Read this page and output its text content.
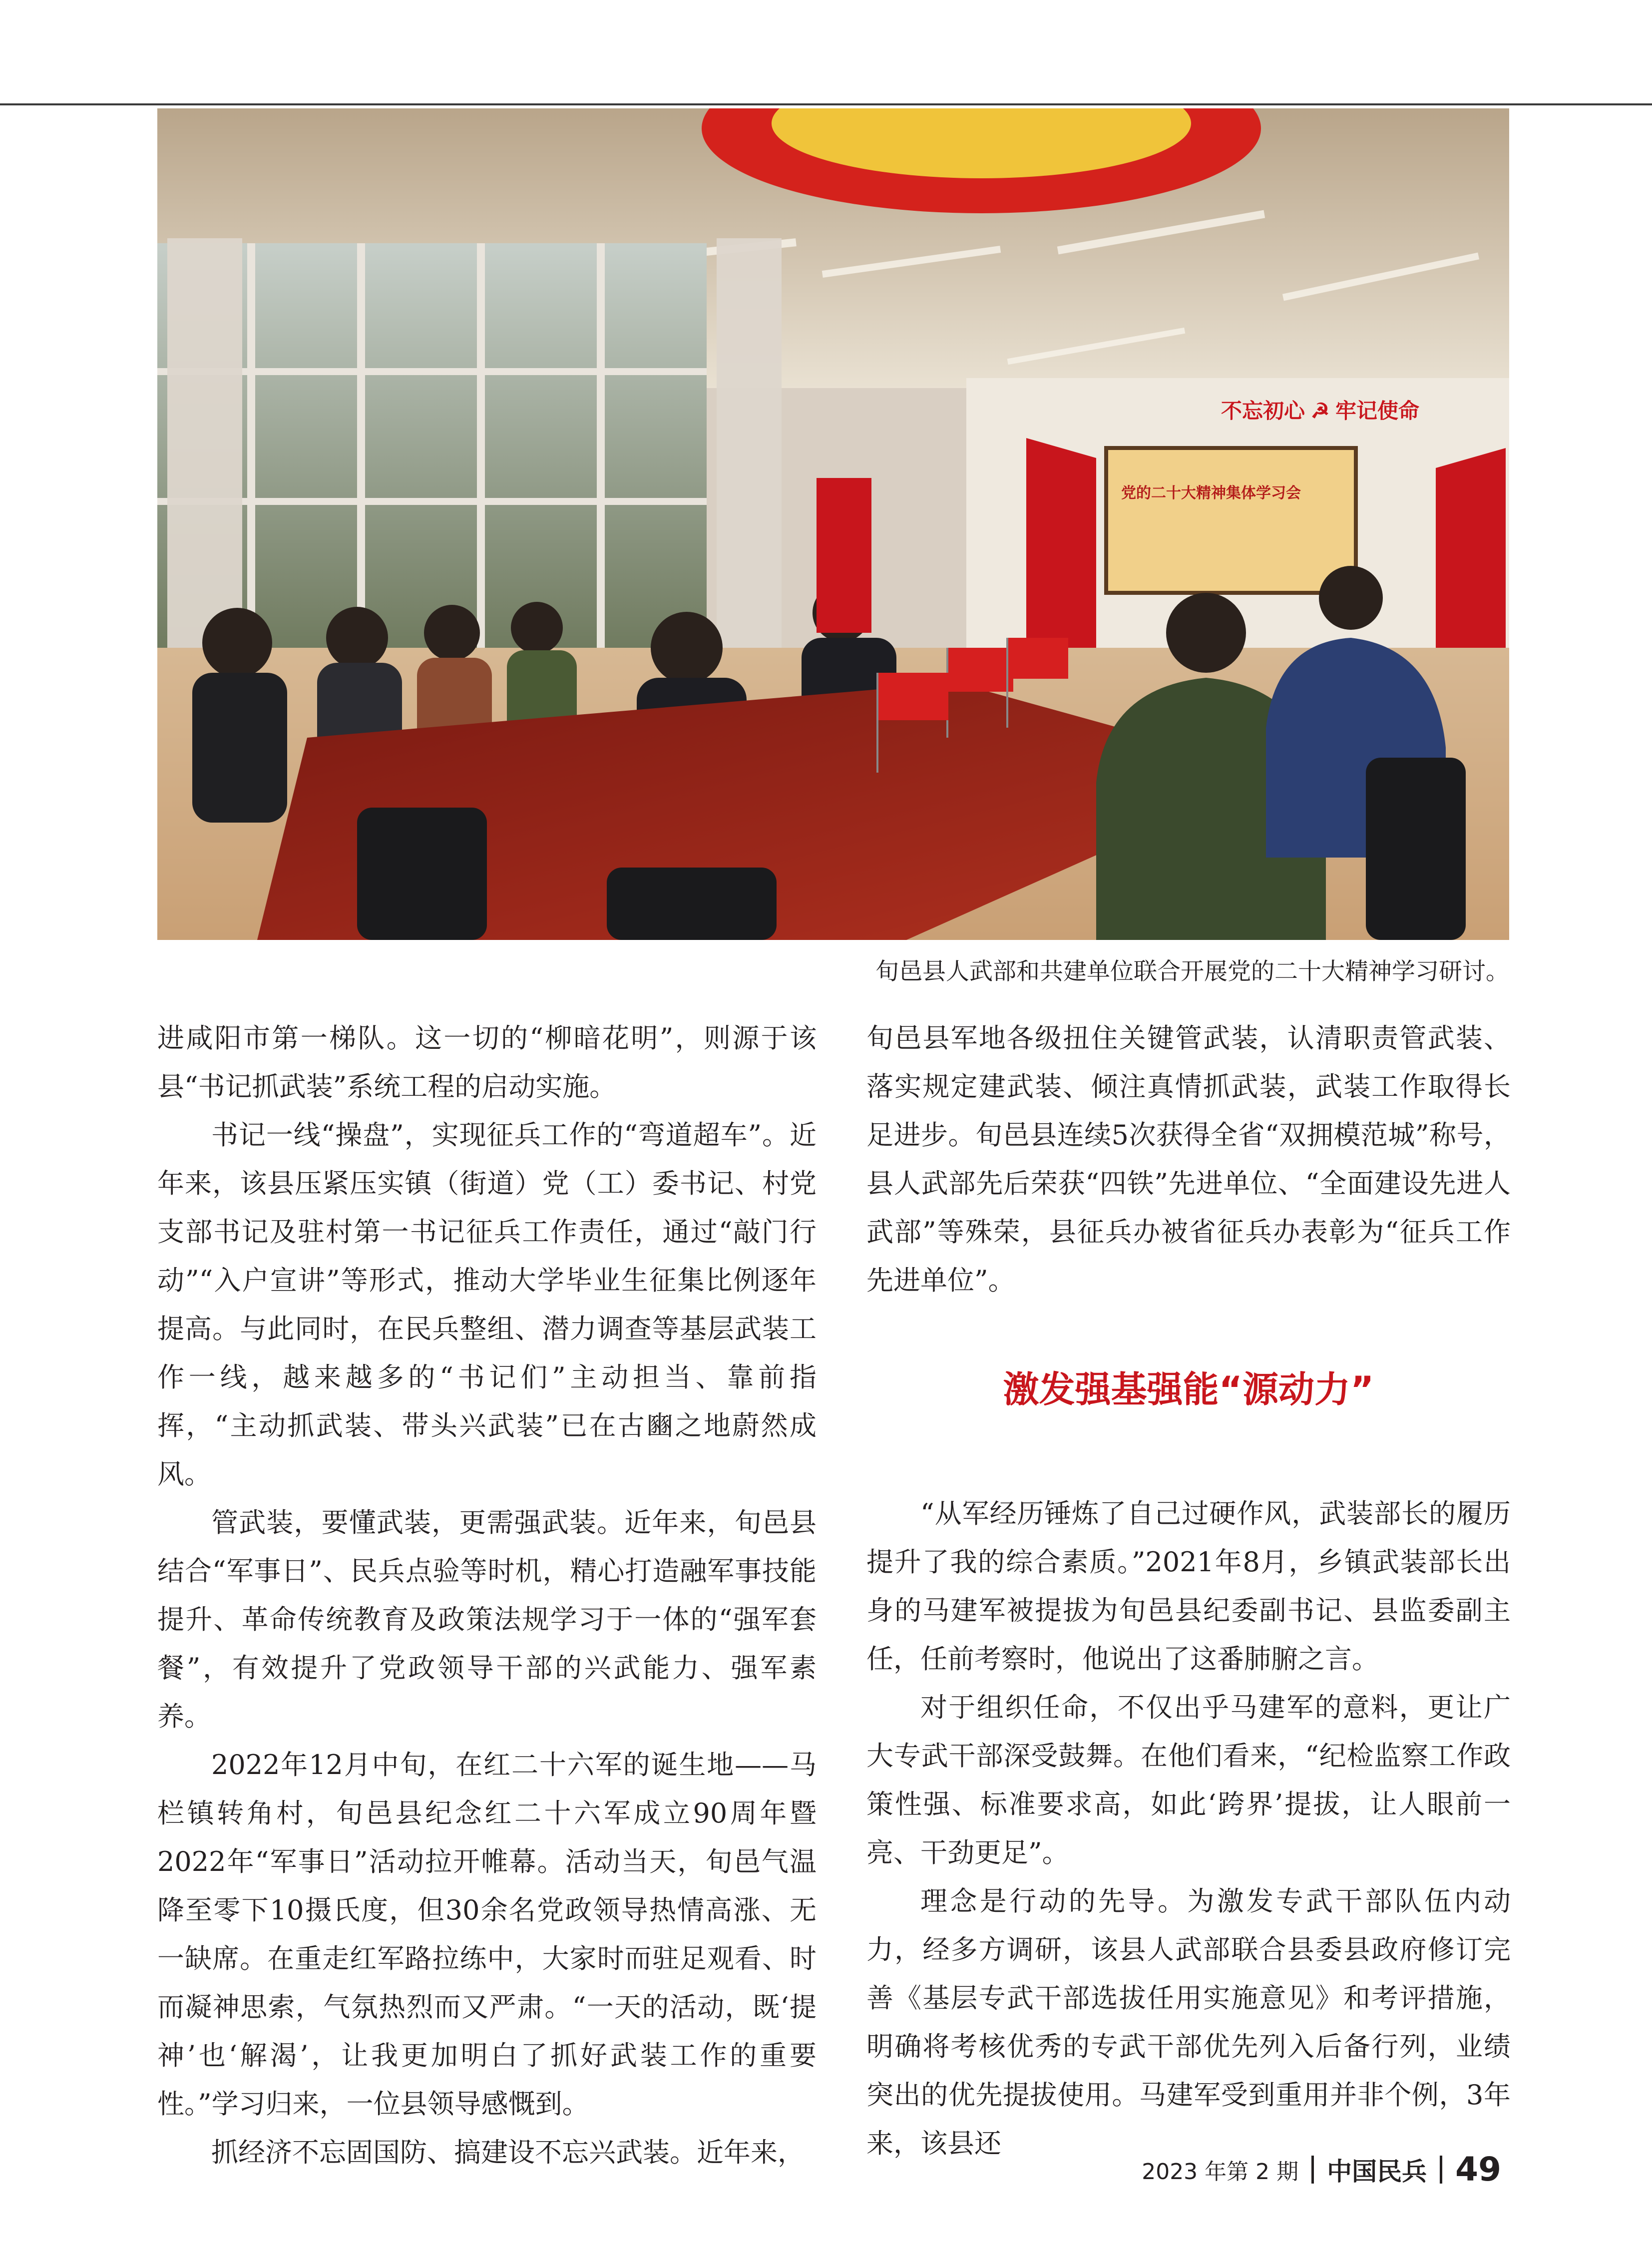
不忘初心 ☭ 牢记使命
党的二十大精神集体学习会
旬邑县人武部和共建单位联合开展党的二十大精神学习研讨。

进咸阳市第一梯队。这一切的“柳暗花明”，则源于该县“书记抓武装”系统工程的启动实施。

书记一线“操盘”，实现征兵工作的“弯道超车”。近年来，该县压紧压实镇（街道）党（工）委书记、村党支部书记及驻村第一书记征兵工作责任，通过“敲门行动”“入户宣讲”等形式，推动大学毕业生征集比例逐年提高。与此同时，在民兵整组、潜力调查等基层武装工作一线，越来越多的“书记们”主动担当、靠前指挥，“主动抓武装、带头兴武装”已在古豳之地蔚然成风。

管武装，要懂武装，更需强武装。近年来，旬邑县结合“军事日”、民兵点验等时机，精心打造融军事技能提升、革命传统教育及政策法规学习于一体的“强军套餐”，有效提升了党政领导干部的兴武能力、强军素养。

2022年12月中旬，在红二十六军的诞生地——马栏镇转角村，旬邑县纪念红二十六军成立90周年暨2022年“军事日”活动拉开帷幕。活动当天，旬邑气温降至零下10摄氏度，但30余名党政领导热情高涨、无一缺席。在重走红军路拉练中，大家时而驻足观看、时而凝神思索，气氛热烈而又严肃。“一天的活动，既‘提神’也‘解渴’，让我更加明白了抓好武装工作的重要性。”学习归来，一位县领导感慨到。

抓经济不忘固国防、搞建设不忘兴武装。近年来，

旬邑县军地各级扭住关键管武装，认清职责管武装、落实规定建武装、倾注真情抓武装，武装工作取得长足进步。旬邑县连续5次获得全省“双拥模范城”称号，县人武部先后荣获“四铁”先进单位、“全面建设先进人武部”等殊荣，县征兵办被省征兵办表彰为“征兵工作先进单位”。

激发强基强能“源动力”

“从军经历锤炼了自己过硬作风，武装部长的履历提升了我的综合素质。”2021年8月，乡镇武装部长出身的马建军被提拔为旬邑县纪委副书记、县监委副主任，任前考察时，他说出了这番肺腑之言。

对于组织任命，不仅出乎马建军的意料，更让广大专武干部深受鼓舞。在他们看来，“纪检监察工作政策性强、标准要求高，如此‘跨界’提拔，让人眼前一亮、干劲更足”。

理念是行动的先导。为激发专武干部队伍内动力，经多方调研，该县人武部联合县委县政府修订完善《基层专武干部选拔任用实施意见》和考评措施，明确将考核优秀的专武干部优先列入后备行列，业绩突出的优先提拔使用。马建军受到重用并非个例，3年来，该县还

2023 年第 2 期 中国民兵 49
